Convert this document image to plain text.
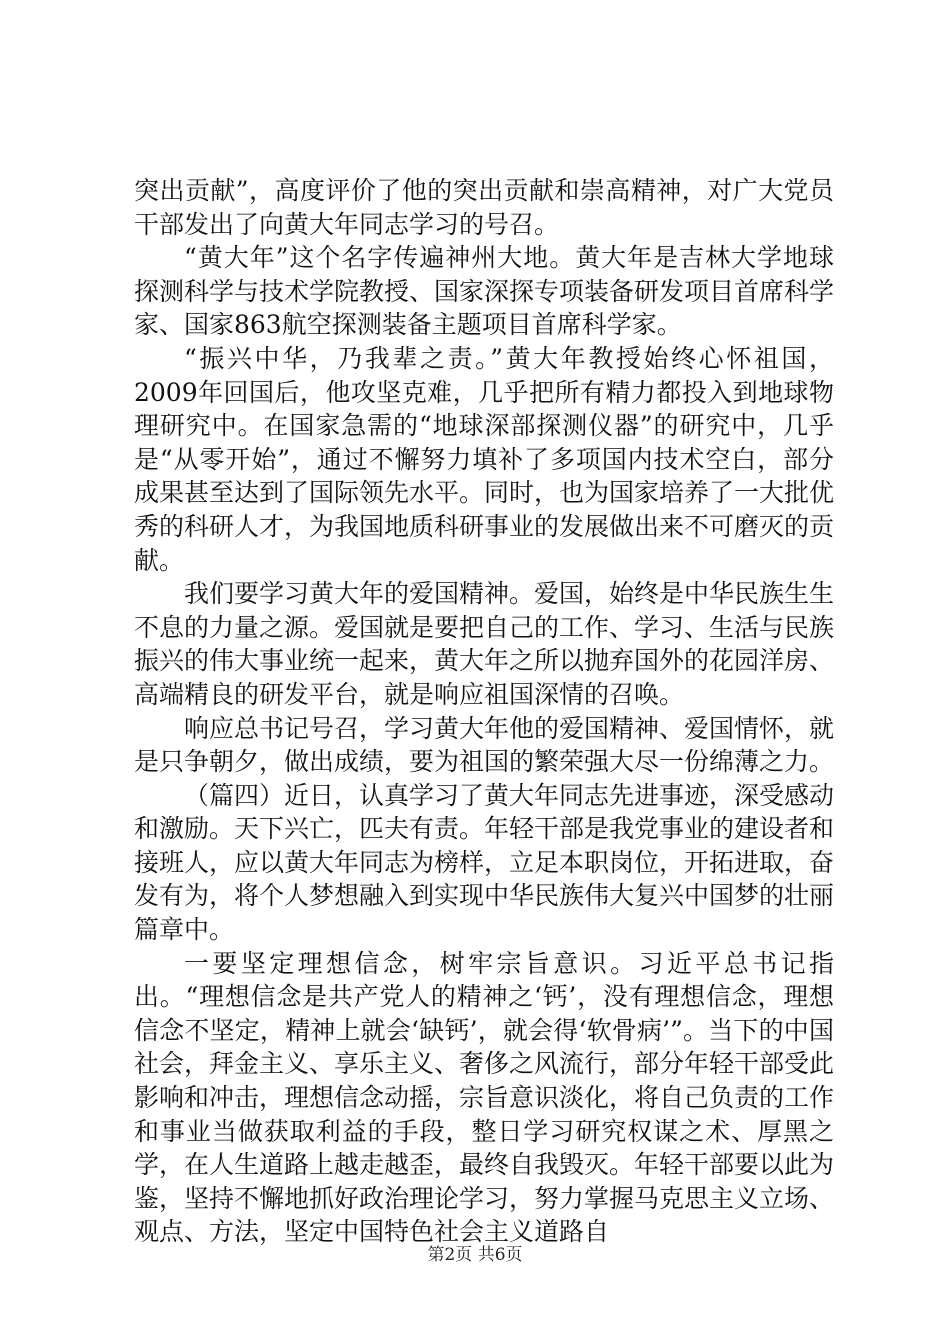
突出贡献”，高度评价了他的突出贡献和崇高精神，对广大党员干部发出了向黄大年同志学习的号召。

“黄大年”这个名字传遍神州大地。黄大年是吉林大学地球探测科学与技术学院教授、国家深探专项装备研发项目首席科学家、国家863航空探测装备主题项目首席科学家。

“振兴中华，乃我辈之责。”黄大年教授始终心怀祖国，2009年回国后，他攻坚克难，几乎把所有精力都投入到地球物理研究中。在国家急需的“地球深部探测仪器”的研究中，几乎是“从零开始”，通过不懈努力填补了多项国内技术空白，部分成果甚至达到了国际领先水平。同时，也为国家培养了一大批优秀的科研人才，为我国地质科研事业的发展做出来不可磨灭的贡献。

我们要学习黄大年的爱国精神。爱国，始终是中华民族生生不息的力量之源。爱国就是要把自己的工作、学习、生活与民族振兴的伟大事业统一起来，黄大年之所以抛弃国外的花园洋房、高端精良的研发平台，就是响应祖国深情的召唤。

响应总书记号召，学习黄大年他的爱国精神、爱国情怀，就是只争朝夕，做出成绩，要为祖国的繁荣强大尽一份绵薄之力。

（篇四）近日，认真学习了黄大年同志先进事迹，深受感动和激励。天下兴亡，匹夫有责。年轻干部是我党事业的建设者和接班人，应以黄大年同志为榜样，立足本职岗位，开拓进取，奋发有为，将个人梦想融入到实现中华民族伟大复兴中国梦的壮丽篇章中。

一要坚定理想信念，树牢宗旨意识。习近平总书记指出。“理想信念是共产党人的精神之‘钙’，没有理想信念，理想信念不坚定，精神上就会‘缺钙’，就会得‘软骨病’”。当下的中国社会，拜金主义、享乐主义、奢侈之风流行，部分年轻干部受此影响和冲击，理想信念动摇，宗旨意识淡化，将自己负责的工作和事业当做获取利益的手段，整日学习研究权谋之术、厚黑之学，在人生道路上越走越歪，最终自我毁灭。年轻干部要以此为鉴，坚持不懈地抓好政治理论学习，努力掌握马克思主义立场、观点、方法，坚定中国特色社会主义道路自

第2页 共6页
